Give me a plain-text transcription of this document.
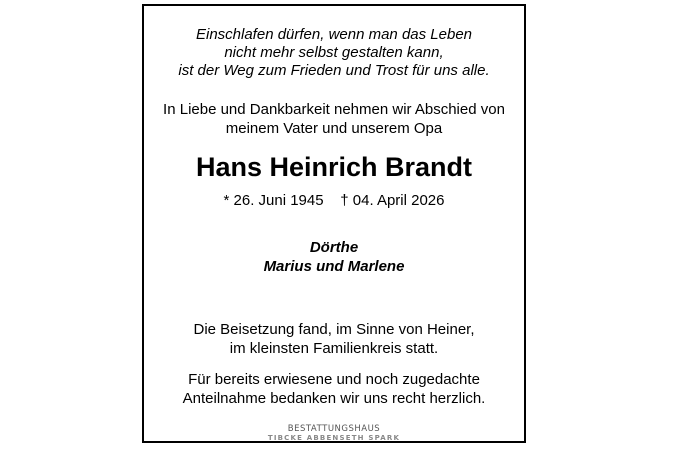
Einschlafen dürfen, wenn man das Leben
nicht mehr selbst gestalten kann,
ist der Weg zum Frieden und Trost für uns alle.
In Liebe und Dankbarkeit nehmen wir Abschied von
meinem Vater und unserem Opa
Hans Heinrich Brandt
* 26. Juni 1945 † 04. April 2026
Dörthe
Marius und Marlene
Die Beisetzung fand, im Sinne von Heiner,
im kleinsten Familienkreis statt.
Für bereits erwiesene und noch zugedachte
Anteilnahme bedanken wir uns recht herzlich.
BESTATTUNGSHAUS
TIBCKE ABBENSETH SPARK
